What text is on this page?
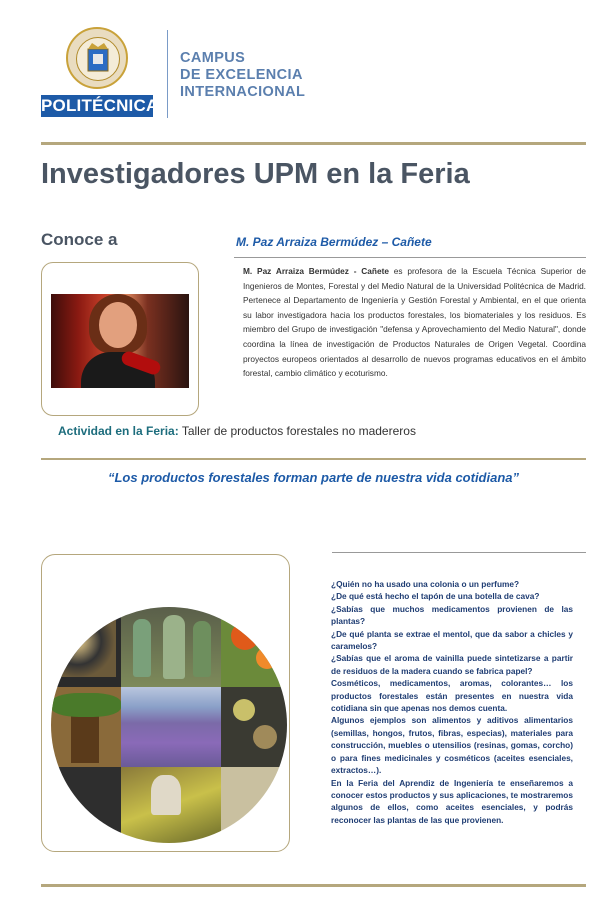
POLITÉCNICA
CAMPUS
DE EXCELENCIA
INTERNACIONAL
Investigadores UPM en la Feria
Conoce a	M. Paz Arraiza Bermúdez – Cañete
M. Paz Arraiza Bermúdez - Cañete es profesora de la Escuela Técnica Superior de Ingenieros de Montes, Forestal y del Medio Natural de la Universidad Politécnica de Madrid. Pertenece al Departamento de Ingeniería y Gestión Forestal y Ambiental, en el que orienta su labor investigadora hacia los productos forestales, los biomateriales y los residuos. Es miembro del Grupo de investigación "defensa y Aprovechamiento del Medio Natural", donde coordina la línea de investigación de Productos Naturales de Origen Vegetal. Coordina proyectos europeos orientados al desarrollo de nuevos programas educativos en el ámbito forestal, cambio climático y ecoturismo.
Actividad en la Feria: Taller de productos forestales no madereros
“Los productos forestales forman parte de nuestra vida cotidiana”

¿Quién no ha usado una colonia o un perfume?

¿De qué está hecho el tapón de una botella de cava?

¿Sabías que muchos medicamentos provienen de las plantas?

¿De qué planta se extrae el mentol, que da sabor a chicles y caramelos?

¿Sabías que el aroma de vainilla puede sintetizarse a partir de residuos de la madera cuando se fabrica papel?

Cosméticos, medicamentos, aromas, colorantes… los productos forestales están presentes en nuestra vida cotidiana sin que apenas nos demos cuenta.

Algunos ejemplos son alimentos y aditivos alimentarios (semillas, hongos, frutos, fibras, especias), materiales para construcción, muebles o utensilios (resinas, gomas, corcho) o para fines medicinales y cosméticos (aceites esenciales, extractos…).

En la Feria del Aprendiz de Ingeniería te enseñaremos a conocer estos productos y sus aplicaciones, te mostraremos algunos de ellos, como aceites esenciales, y podrás reconocer las plantas de las que provienen.
